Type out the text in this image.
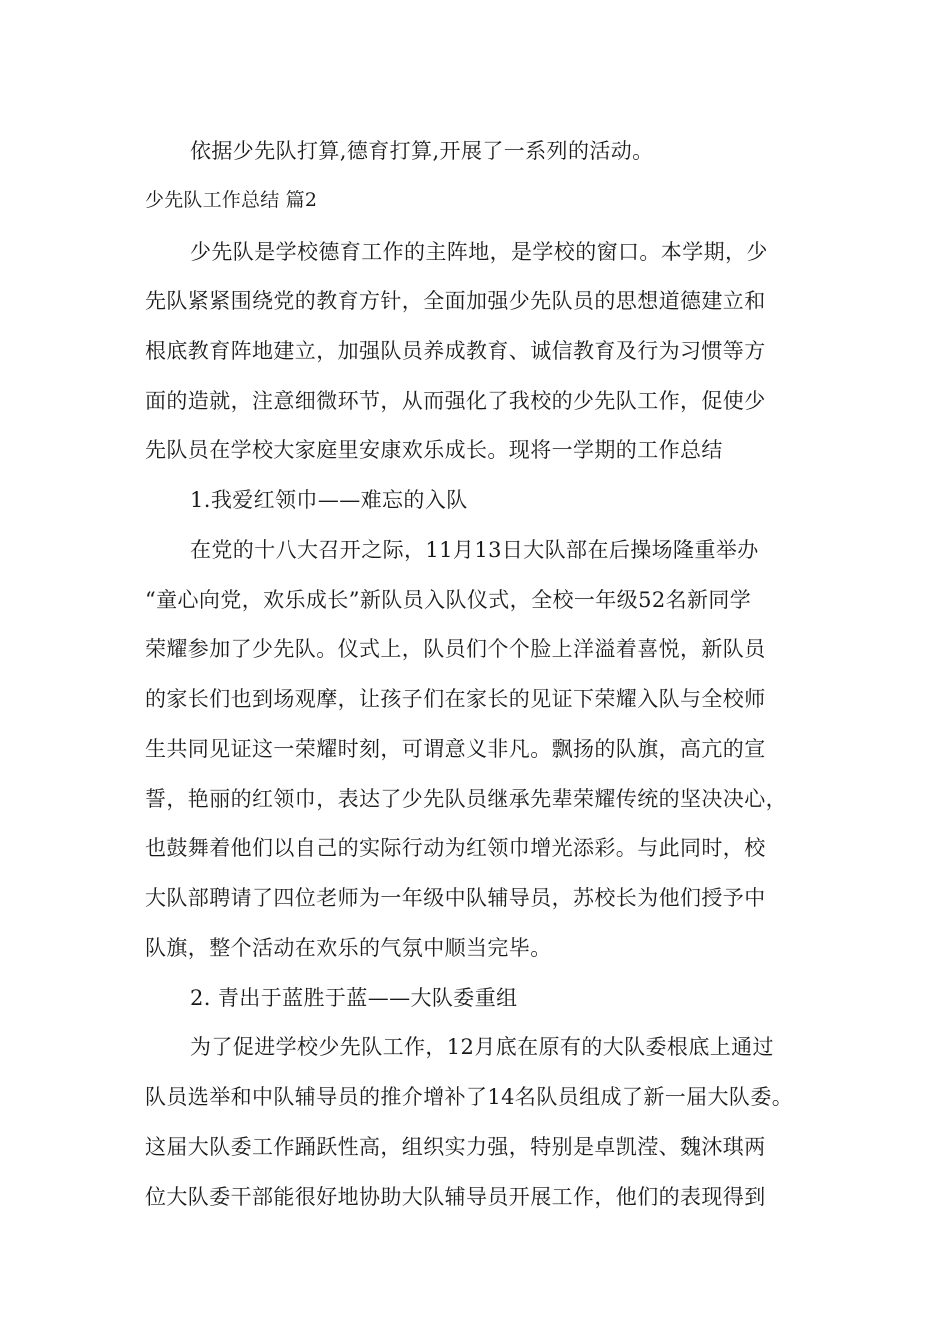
依据少先队打算,德育打算,开展了一系列的活动。
少先队工作总结 篇2
少先队是学校德育工作的主阵地，是学校的窗口。本学期，少
先队紧紧围绕党的教育方针，全面加强少先队员的思想道德建立和
根底教育阵地建立，加强队员养成教育、诚信教育及行为习惯等方
面的造就，注意细微环节，从而强化了我校的少先队工作，促使少
先队员在学校大家庭里安康欢乐成长。现将一学期的工作总结
1.我爱红领巾——难忘的入队
在党的十八大召开之际，11月13日大队部在后操场隆重举办
“童心向党，欢乐成长”新队员入队仪式，全校一年级52名新同学
荣耀参加了少先队。仪式上，队员们个个脸上洋溢着喜悦，新队员
的家长们也到场观摩，让孩子们在家长的见证下荣耀入队与全校师
生共同见证这一荣耀时刻，可谓意义非凡。飘扬的队旗，高亢的宣
誓，艳丽的红领巾，表达了少先队员继承先辈荣耀传统的坚决决心，
也鼓舞着他们以自己的实际行动为红领巾增光添彩。与此同时，校
大队部聘请了四位老师为一年级中队辅导员，苏校长为他们授予中
队旗，整个活动在欢乐的气氛中顺当完毕。
2. 青出于蓝胜于蓝——大队委重组
为了促进学校少先队工作，12月底在原有的大队委根底上通过
队员选举和中队辅导员的推介增补了14名队员组成了新一届大队委。
这届大队委工作踊跃性高，组织实力强，特别是卓凯滢、魏沐琪两
位大队委干部能很好地协助大队辅导员开展工作，他们的表现得到
